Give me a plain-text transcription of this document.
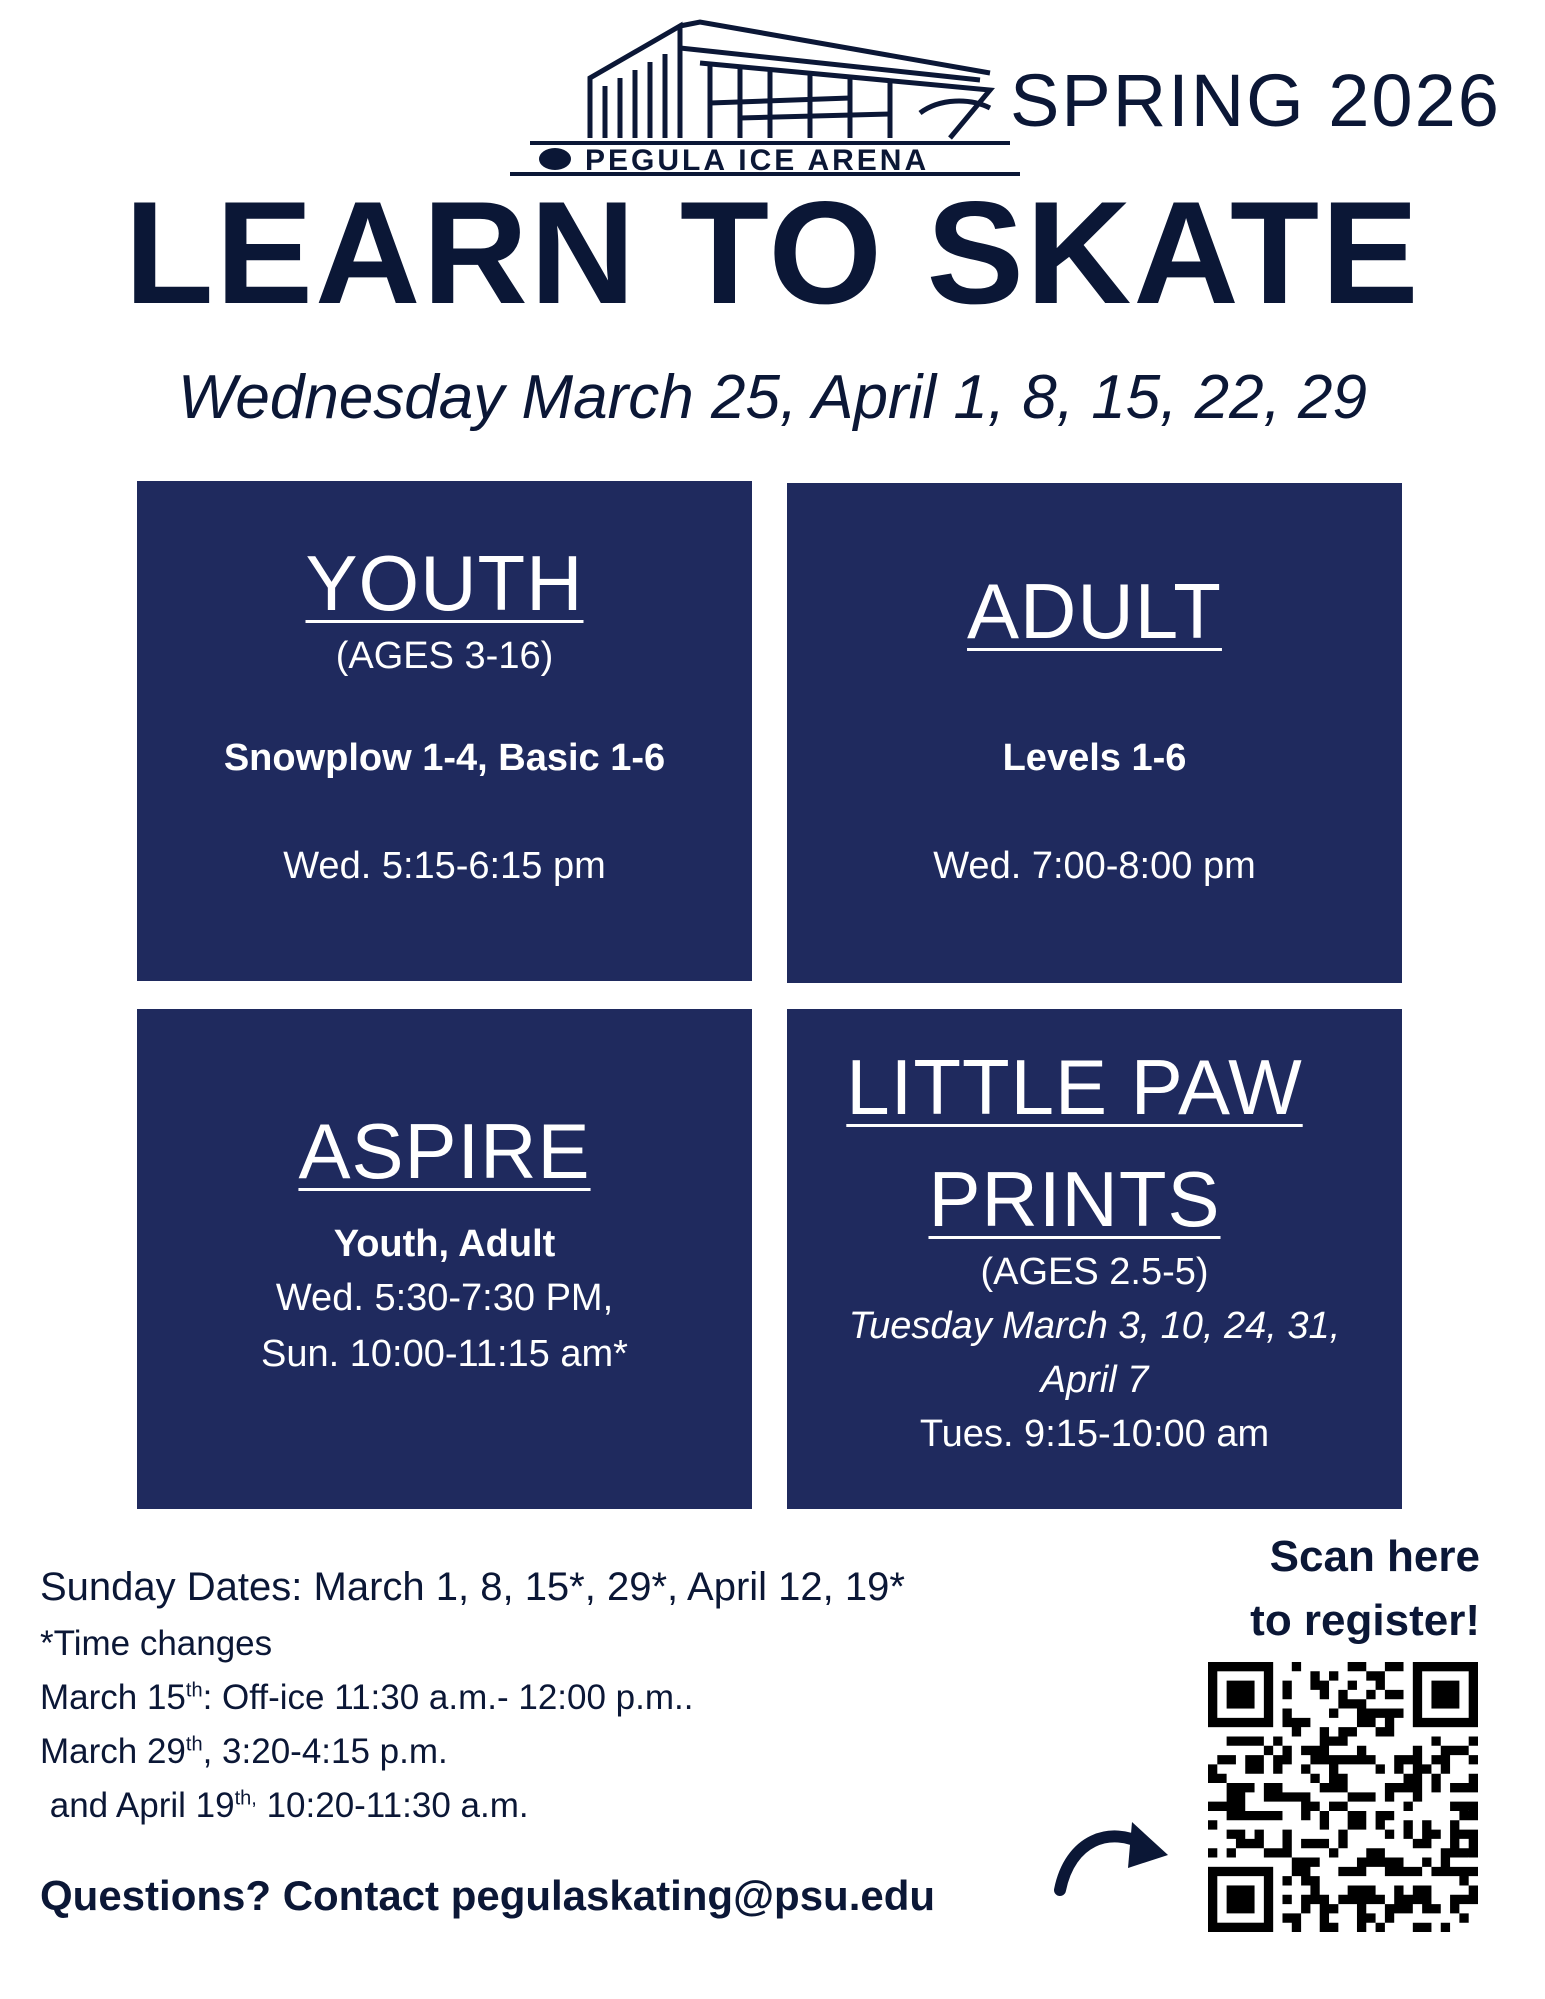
PEGULA ICE ARENA
SPRING 2026
LEARN TO SKATE
Wednesday March 25, April 1, 8, 15, 22, 29
YOUTH
(AGES 3-16)
Snowplow 1-4, Basic 1-6
Wed. 5:15-6:15 pm
ADULT
Levels 1-6
Wed. 7:00-8:00 pm
ASPIRE
Youth, Adult
Wed. 5:30-7:30 PM,
Sun. 10:00-11:15 am*
LITTLE PAW
PRINTS
(AGES 2.5-5)
Tuesday March 3, 10, 24, 31,
April 7
Tues. 9:15-10:00 am
Sunday Dates: March 1, 8, 15*, 29*, April 12, 19*
*Time changes
March 15th: Off-ice 11:30 a.m.- 12:00 p.m..
March 29th, 3:20-4:15 p.m.
and April $19^{th,}$ 10:20-11:30 a.m.
Questions? Contact pegulaskating@psu.edu
Scan here
to register!
